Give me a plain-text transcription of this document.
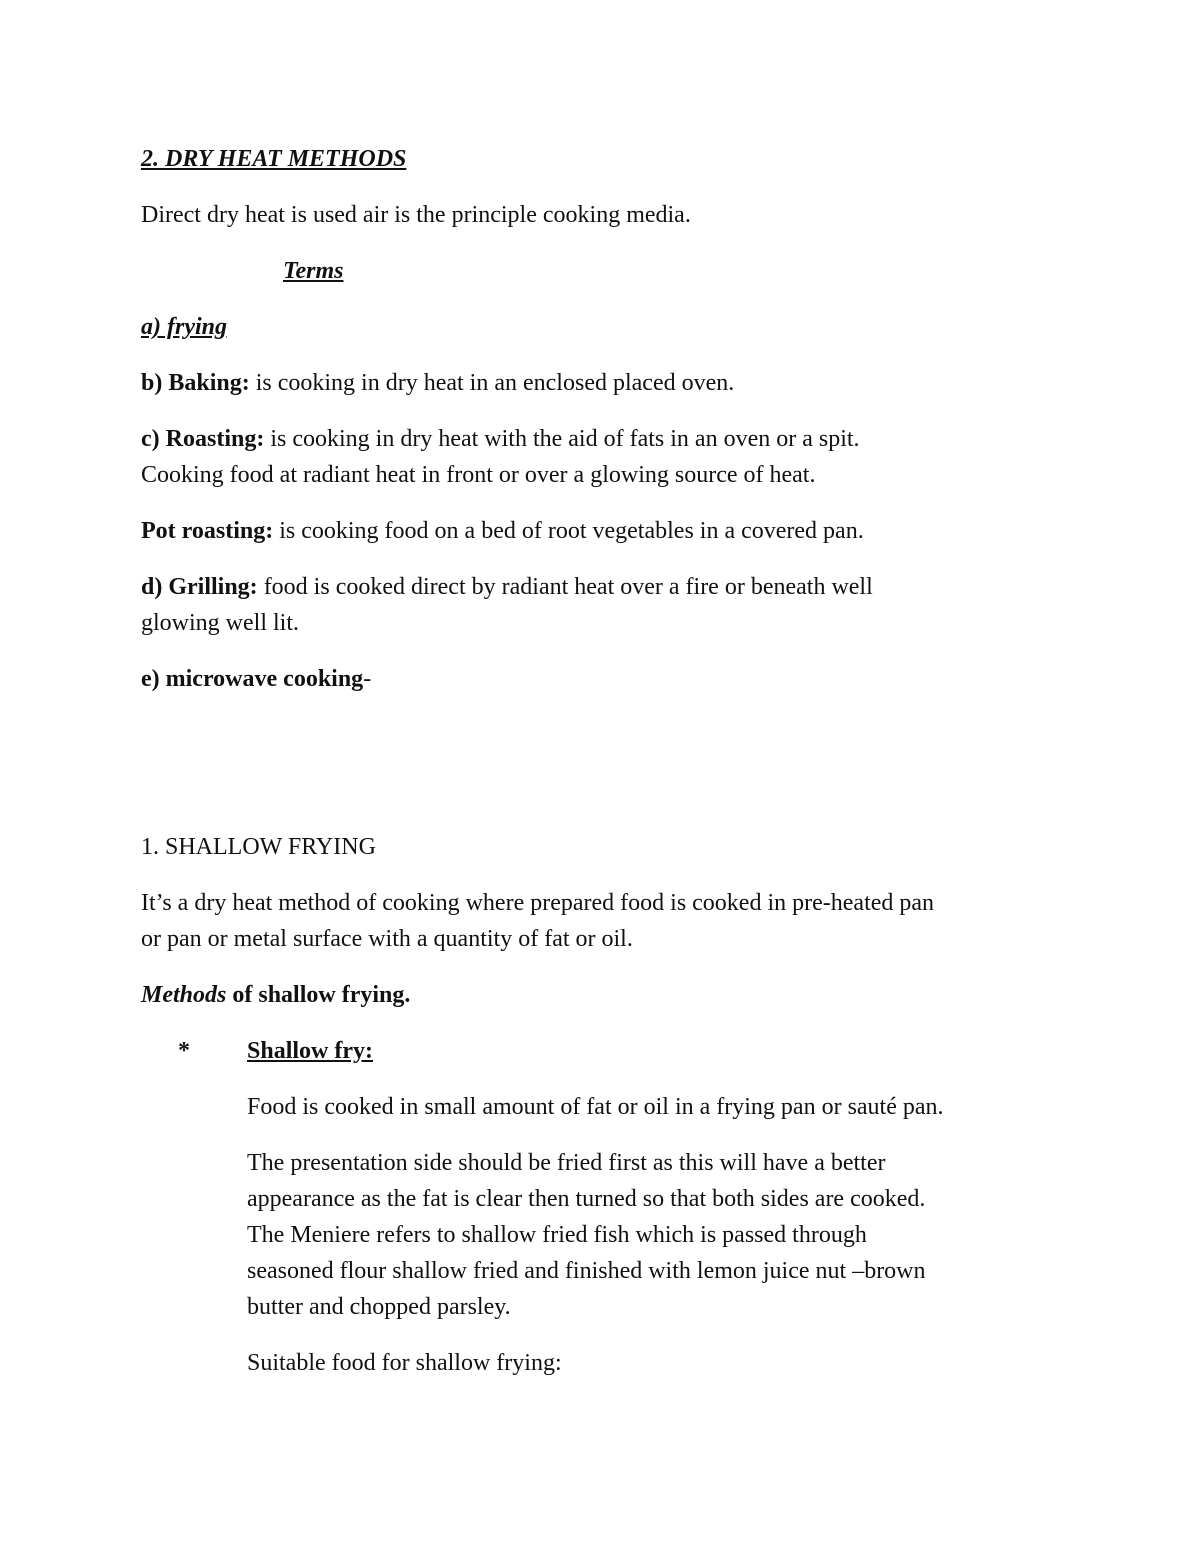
2. DRY HEAT METHODS

Direct dry heat is used air is the principle cooking media.

Terms

a) frying

b) Baking: is cooking in dry heat in an enclosed placed oven.

c) Roasting: is cooking in dry heat with the aid of fats in an oven or a spit.

Cooking food at radiant heat in front or over a glowing source of heat.

Pot roasting: is cooking food on a bed of root vegetables in a covered pan.

d) Grilling: food is cooked direct by radiant heat over a fire or beneath well

glowing well lit.

e) microwave cooking-

1. SHALLOW FRYING

It’s a dry heat method of cooking where prepared food is cooked in pre-heated pan

or pan or metal surface with a quantity of fat or oil.

Methods of shallow frying.

* Shallow fry:

Food is cooked in small amount of fat or oil in a frying pan or sauté pan.

The presentation side should be fried first as this will have a better

appearance as the fat is clear then turned so that both sides are cooked.

The Meniere refers to shallow fried fish which is passed through

seasoned flour shallow fried and finished with lemon juice nut –brown

butter and chopped parsley.

Suitable food for shallow frying:
